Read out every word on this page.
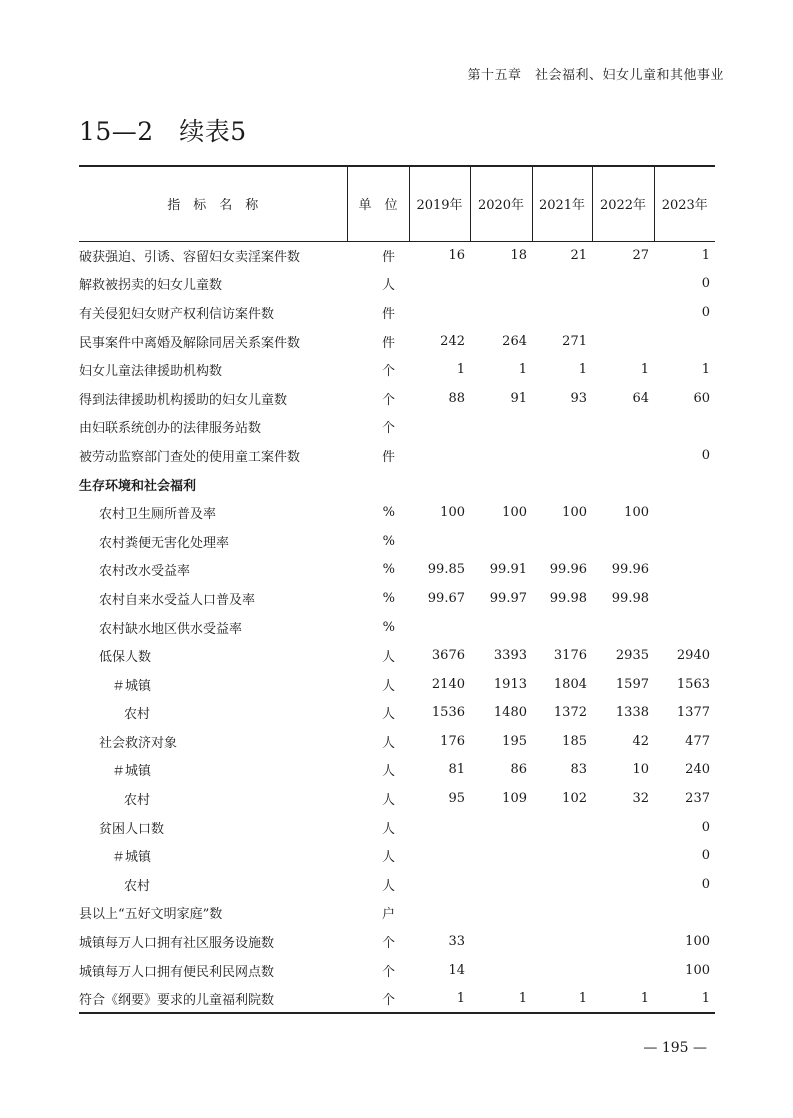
第十五章　社会福利、妇女儿童和其他事业
15—2　续表5
指　标　名　称	单　位	2019年	2020年	2021年	2022年	2023年
破获强迫、引诱、容留妇女卖淫案件数	件	16	18	21	27	1
解救被拐卖的妇女儿童数	人					0
有关侵犯妇女财产权利信访案件数	件					0
民事案件中离婚及解除同居关系案件数	件	242	264	271		
妇女儿童法律援助机构数	个	1	1	1	1	1
得到法律援助机构援助的妇女儿童数	个	88	91	93	64	60
由妇联系统创办的法律服务站数	个					
被劳动监察部门查处的使用童工案件数	件					0
生存环境和社会福利						
农村卫生厕所普及率	%	100	100	100	100	
农村粪便无害化处理率	%					
农村改水受益率	%	99.85	99.91	99.96	99.96	
农村自来水受益人口普及率	%	99.67	99.97	99.98	99.98	
农村缺水地区供水受益率	%					
低保人数	人	3676	3393	3176	2935	2940
＃城镇	人	2140	1913	1804	1597	1563
农村	人	1536	1480	1372	1338	1377
社会救济对象	人	176	195	185	42	477
＃城镇	人	81	86	83	10	240
农村	人	95	109	102	32	237
贫困人口数	人					0
＃城镇	人					0
农村	人					0
县以上“五好文明家庭”数	户					
城镇每万人口拥有社区服务设施数	个	33				100
城镇每万人口拥有便民利民网点数	个	14				100
符合《纲要》要求的儿童福利院数	个	1	1	1	1	1
— 195 —
